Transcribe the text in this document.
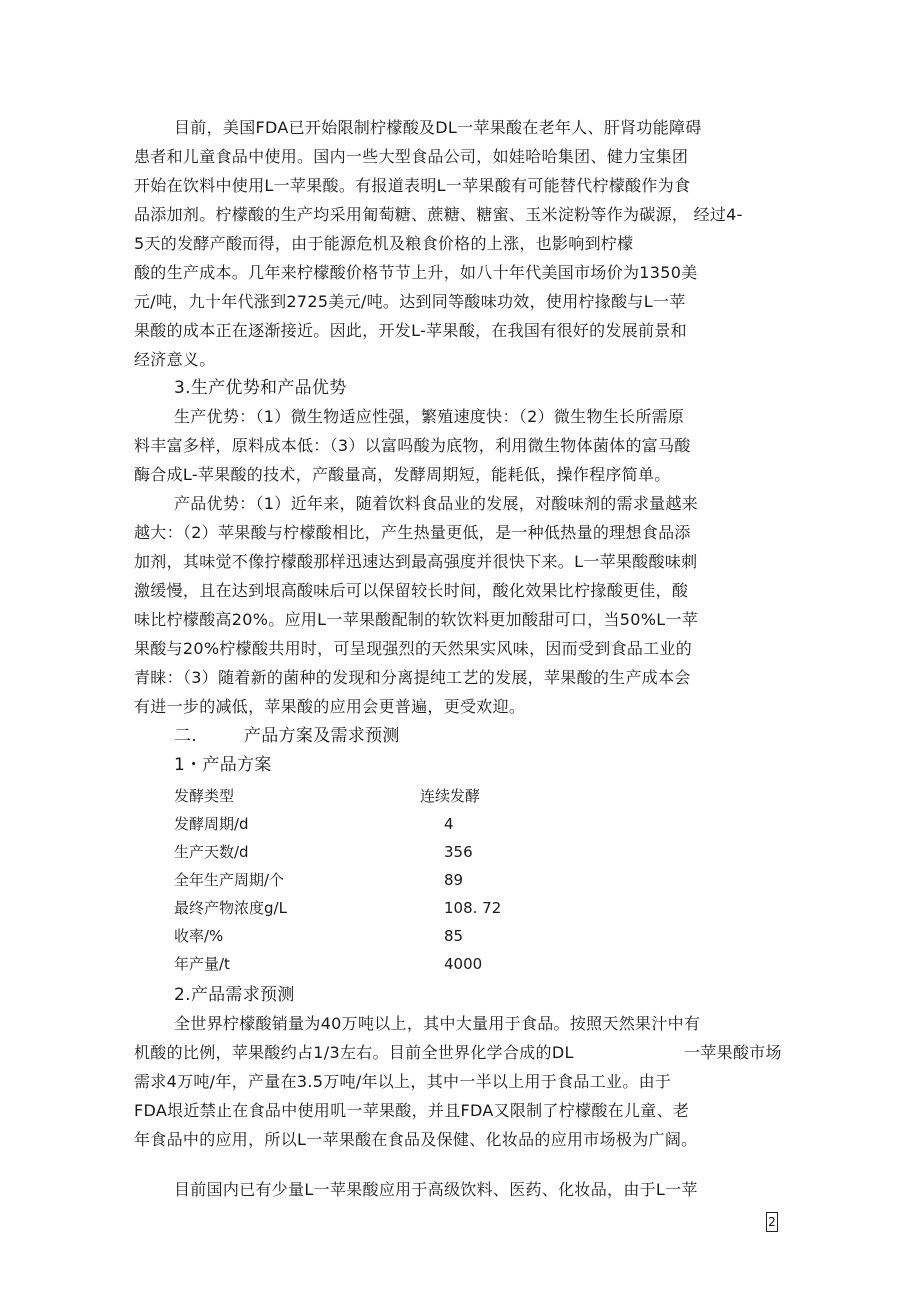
目前，美国FDA已开始限制柠檬酸及DL一苹果酸在老年人、肝肾功能障碍
患者和儿童食品中使用。国内一些大型食品公司，如娃哈哈集团、健力宝集团
开始在饮料中使用L一苹果酸。有报道表明L一苹果酸有可能替代柠檬酸作为食
品添加剂。柠檬酸的生产均采用匍萄糖、蔗糖、糖蜜、玉米淀粉等作为碳源， 经过4-
5天的发酵产酸而得，由于能源危机及粮食价格的上涨，也影响到柠檬
酸的生产成本。几年来柠檬酸价格节节上升，如八十年代美国市场价为1350美
元/吨，九十年代涨到2725美元/吨。达到同等酸味功效，使用柠掾酸与L一苹
果酸的成本正在逐渐接近。因此，开发L-苹果酸，在我国有很好的发展前景和
经济意义。
3.生产优势和产品优势
生产优势：（1）微生物适应性强，繁殖速度快：（2）微生物生长所需原
料丰富多样，原料成本低：（3）以富吗酸为底物，利用微生物体菌体的富马酸
酶合成L-苹果酸的技术，产酸量高，发酵周期短，能耗低，操作程序简单。
产品优势：（1）近年来，随着饮料食品业的发展，对酸味剂的需求量越来
越大：（2）苹果酸与柠檬酸相比，产生热量更低，是一种低热量的理想食品添
加剂，其味觉不像拧檬酸那样迅速达到最高强度并很快下来。L一苹果酸酸味刺
激缓慢，且在达到垠高酸味后可以保留较长时间，酸化效果比柠掾酸更佳，酸
味比柠檬酸高20%。应用L一苹果酸配制的软饮料更加酸甜可口，当50%L一苹
果酸与20%柠檬酸共用时，可呈现强烈的天然果实风味，因而受到食品工业的
青睐：（3）随着新的菌种的发现和分离提纯工艺的发展，苹果酸的生产成本会
有进一步的减低，苹果酸的应用会更普遍，更受欢迎。
二.	产品方案及需求预测
1・产品方案
发酵类型	连续发酵
发酵周期/d	4
生产天数/d	356
全年生产周期/个	89
最终产物浓度g/L	108. 72
收率/%	85
年产量/t	4000
2.产品需求预测
全世界柠檬酸销量为40万吨以上，其中大量用于食品。按照天然果汁中有
机酸的比例，苹果酸约占1/3左右。目前全世界化学合成的DL	一苹果酸市场
需求4万吨/年，产量在3.5万吨/年以上，其中一半以上用于食品工业。由于
FDA垠近禁止在食品中使用叽一苹果酸，并且FDA又限制了柠檬酸在儿童、老
年食品中的应用，所以L一苹果酸在食品及保健、化妆品的应用市场极为广阔。
目前国内已有少量L一苹果酸应用于高级饮料、医药、化妆品，由于L一苹
2
